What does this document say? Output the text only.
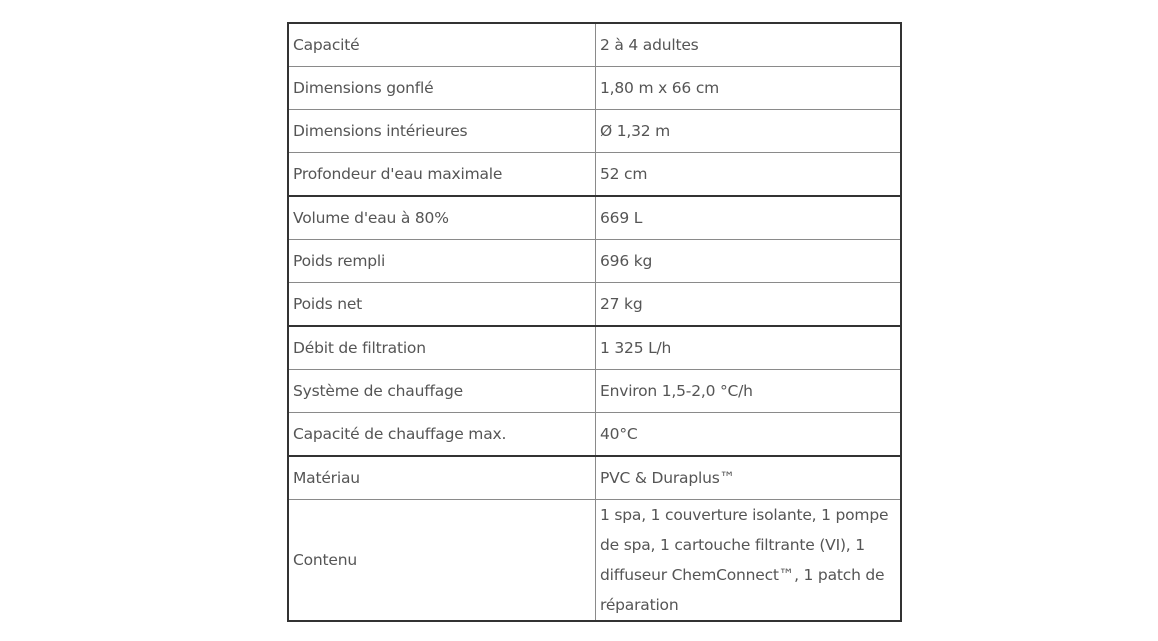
Capacité	2 à 4 adultes
Dimensions gonflé	1,80 m x 66 cm
Dimensions intérieures	Ø 1,32 m
Profondeur d'eau maximale	52 cm
Volume d'eau à 80%	669 L
Poids rempli	696 kg
Poids net	27 kg
Débit de filtration	1 325 L/h
Système de chauffage	Environ 1,5-2,0 °C/h
Capacité de chauffage max.	40°C
Matériau	PVC & Duraplus™
Contenu	1 spa, 1 couverture isolante, 1 pompe de spa, 1 cartouche filtrante (VI), 1 diffuseur ChemConnect™, 1 patch de réparation
